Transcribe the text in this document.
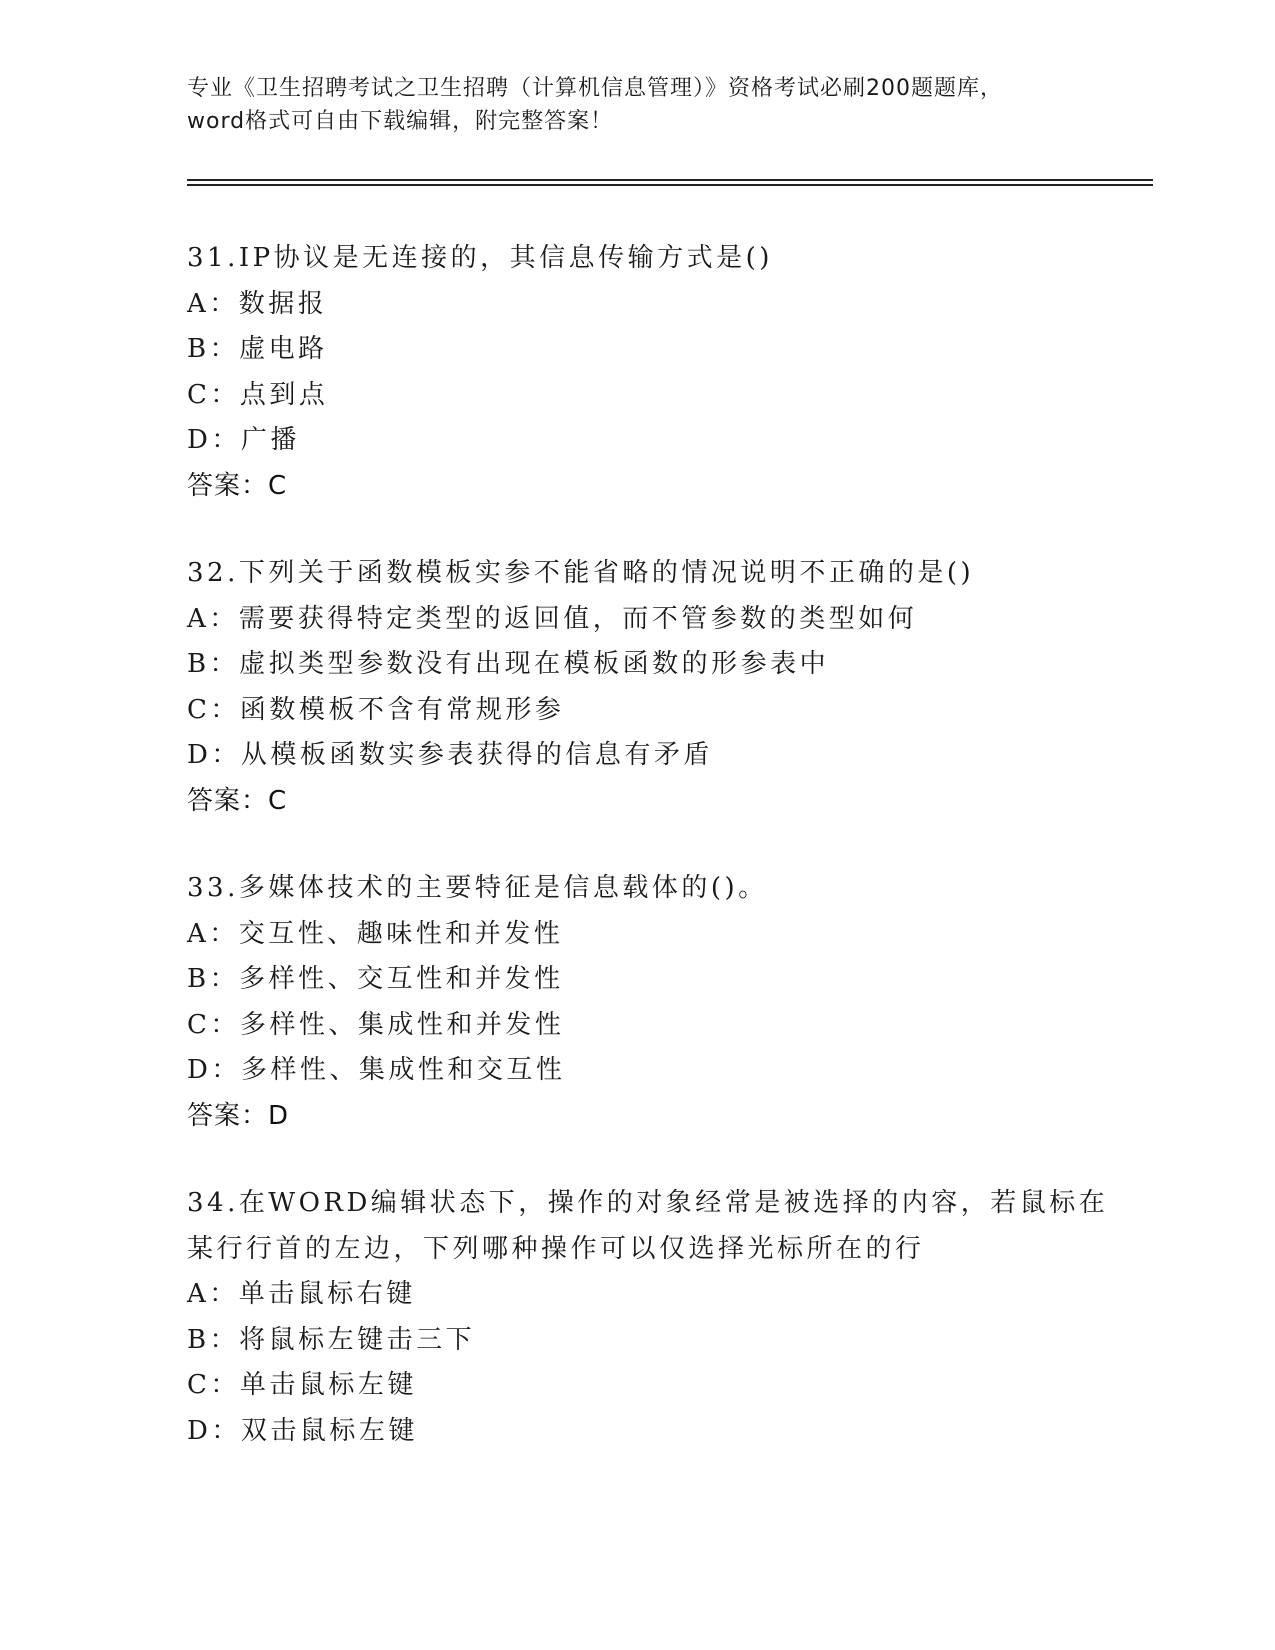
专业《卫生招聘考试之卫生招聘（计算机信息管理）》资格考试必刷200题题库，
word格式可自由下载编辑，附完整答案！
31.IP协议是无连接的，其信息传输方式是()
A：数据报
B：虚电路
C：点到点
D：广播
答案：C
32.下列关于函数模板实参不能省略的情况说明不正确的是()
A：需要获得特定类型的返回值，而不管参数的类型如何
B：虚拟类型参数没有出现在模板函数的形参表中
C：函数模板不含有常规形参
D：从模板函数实参表获得的信息有矛盾
答案：C
33.多媒体技术的主要特征是信息载体的()。
A：交互性、趣味性和并发性
B：多样性、交互性和并发性
C：多样性、集成性和并发性
D：多样性、集成性和交互性
答案：D
34.在WORD编辑状态下，操作的对象经常是被选择的内容，若鼠标在
某行行首的左边，下列哪种操作可以仅选择光标所在的行
A：单击鼠标右键
B：将鼠标左键击三下
C：单击鼠标左键
D：双击鼠标左键
